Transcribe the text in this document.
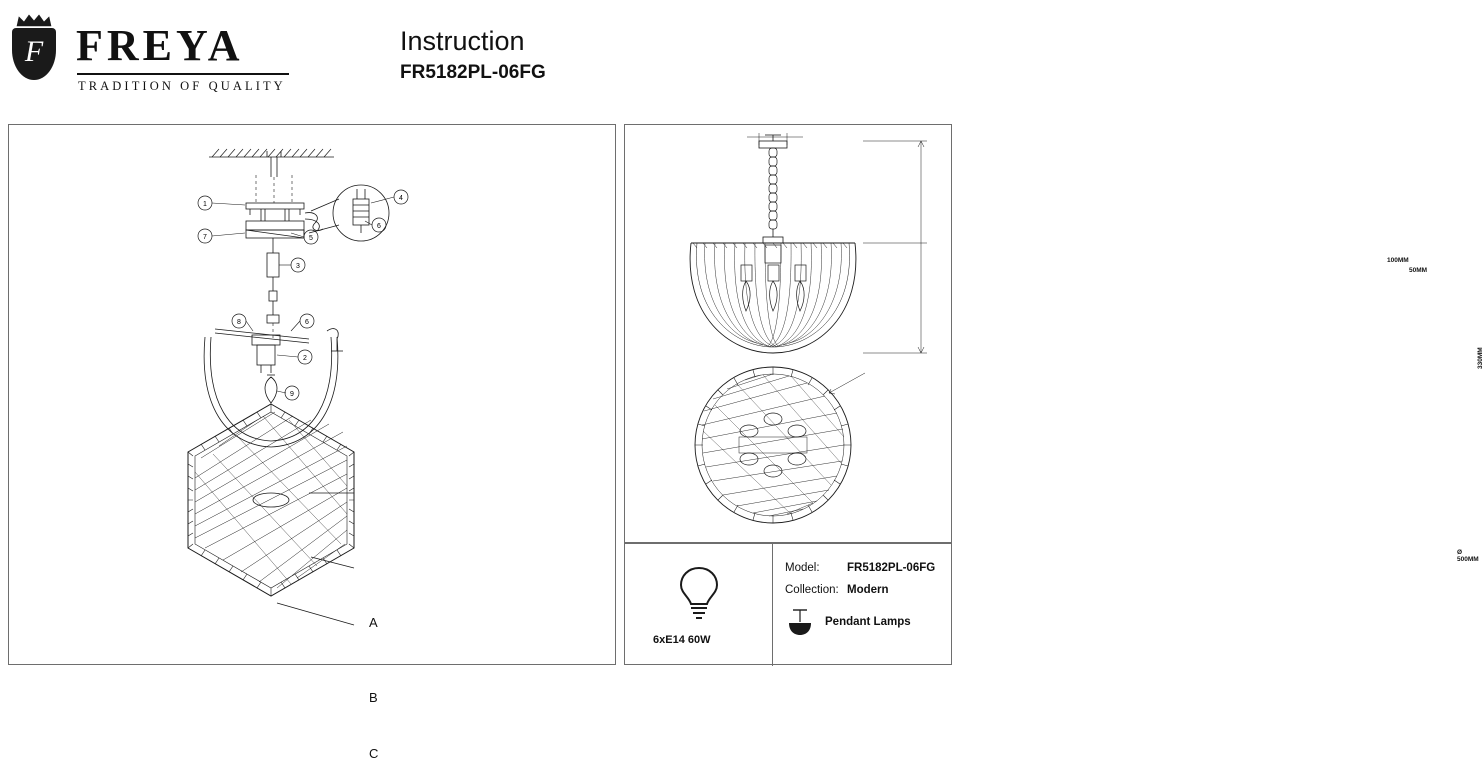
F FREYA
TRADITION OF QUALITY
Instruction
FR5182PL-06FG
1
7	5
4
6
3
8	6
2
9
A
B
C
100MM
50MM
330MM
Ø 500MM
6xE14 60W
Model:	FR5182PL-06FG
Collection: Modern
Pendant Lamps
